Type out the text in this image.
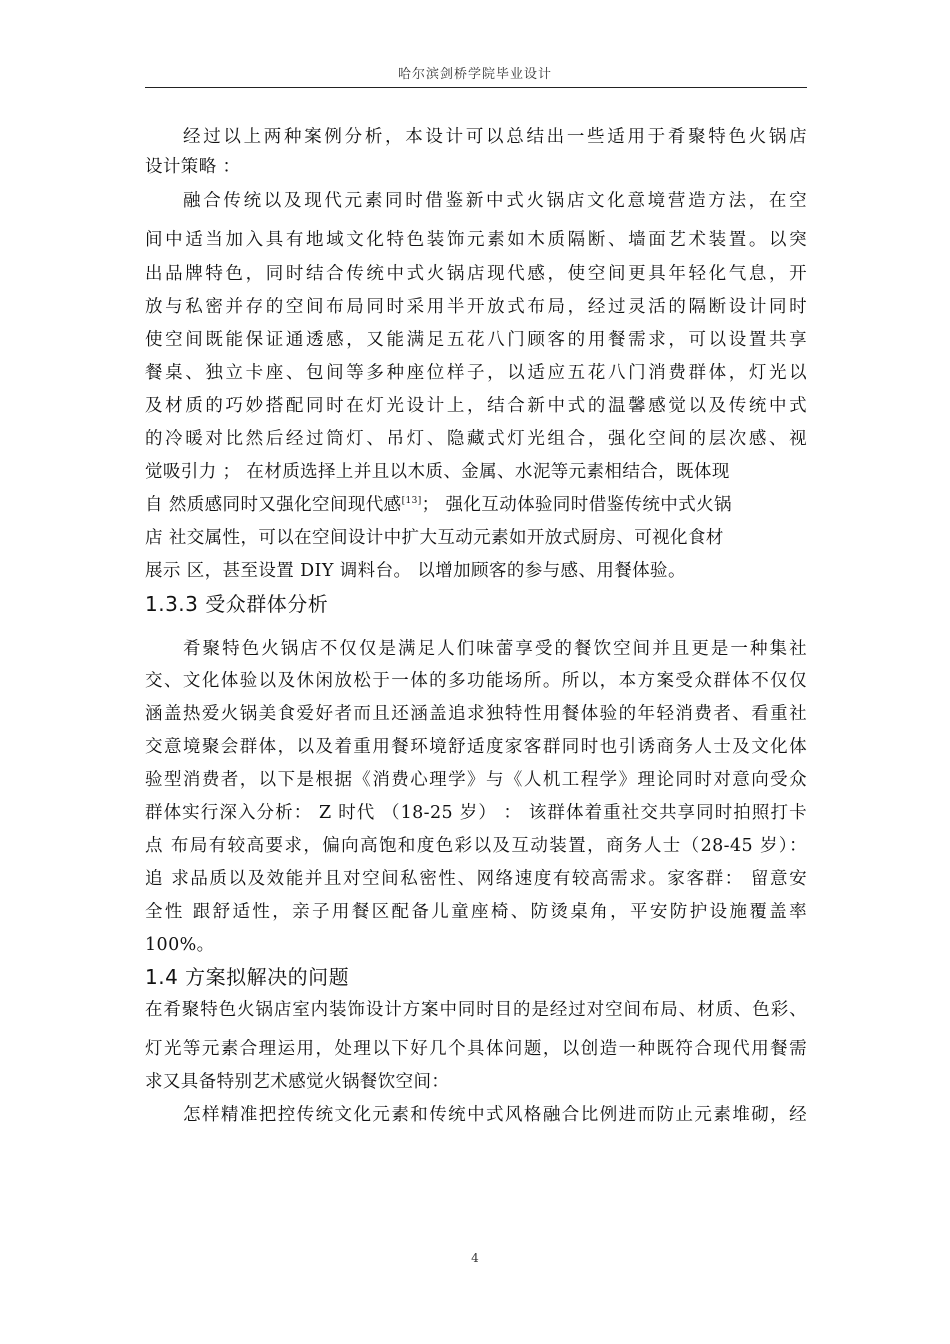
哈尔滨剑桥学院毕业设计
经过以上两种案例分析，本设计可以总结出一些适用于肴聚特色火锅店
设计策略 ：
融合传统以及现代元素同时借鉴新中式火锅店文化意境营造方法，在空
间中适当加入具有地域文化特色装饰元素如木质隔断、墙面艺术装置。以突
出品牌特色，同时结合传统中式火锅店现代感，使空间更具年轻化气息，开
放与私密并存的空间布局同时采用半开放式布局，经过灵活的隔断设计同时
使空间既能保证通透感，又能满足五花八门顾客的用餐需求，可以设置共享
餐桌、独立卡座、包间等多种座位样子，以适应五花八门消费群体，灯光以
及材质的巧妙搭配同时在灯光设计上，结合新中式的温馨感觉以及传统中式
的冷暖对比然后经过筒灯、吊灯、隐藏式灯光组合，强化空间的层次感、视
觉吸引力 ； 在材质选择上并且以木质、金属、水泥等元素相结合，既体现
自 然质感同时又强化空间现代感[13]； 强化互动体验同时借鉴传统中式火锅
店 社交属性，可以在空间设计中扩大互动元素如开放式厨房、可视化食材
展示 区，甚至设置 DIY 调料台。 以增加顾客的参与感、用餐体验。
1.3.3 受众群体分析
肴聚特色火锅店不仅仅是满足人们味蕾享受的餐饮空间并且更是一种集社
交、文化体验以及休闲放松于一体的多功能场所。所以，本方案受众群体不仅仅
涵盖热爱火锅美食爱好者而且还涵盖追求独特性用餐体验的年轻消费者、看重社
交意境聚会群体，以及着重用餐环境舒适度家客群同时也引诱商务人士及文化体
验型消费者，以下是根据《消费心理学》与《人机工程学》理论同时对意向受众
群体实行深入分析： Z 时代 （18-25 岁） ： 该群体着重社交共享同时拍照打卡
点 布局有较高要求，偏向高饱和度色彩以及互动装置，商务人士（28-45 岁）：
追 求品质以及效能并且对空间私密性、网络速度有较高需求。家客群： 留意安
全性 跟舒适性，亲子用餐区配备儿童座椅、防烫桌角，平安防护设施覆盖率
100%。
1.4 方案拟解决的问题
在肴聚特色火锅店室内装饰设计方案中同时目的是经过对空间布局、材质、色彩、
灯光等元素合理运用，处理以下好几个具体问题，以创造一种既符合现代用餐需
求又具备特别艺术感觉火锅餐饮空间：
怎样精准把控传统文化元素和传统中式风格融合比例进而防止元素堆砌，经
4
